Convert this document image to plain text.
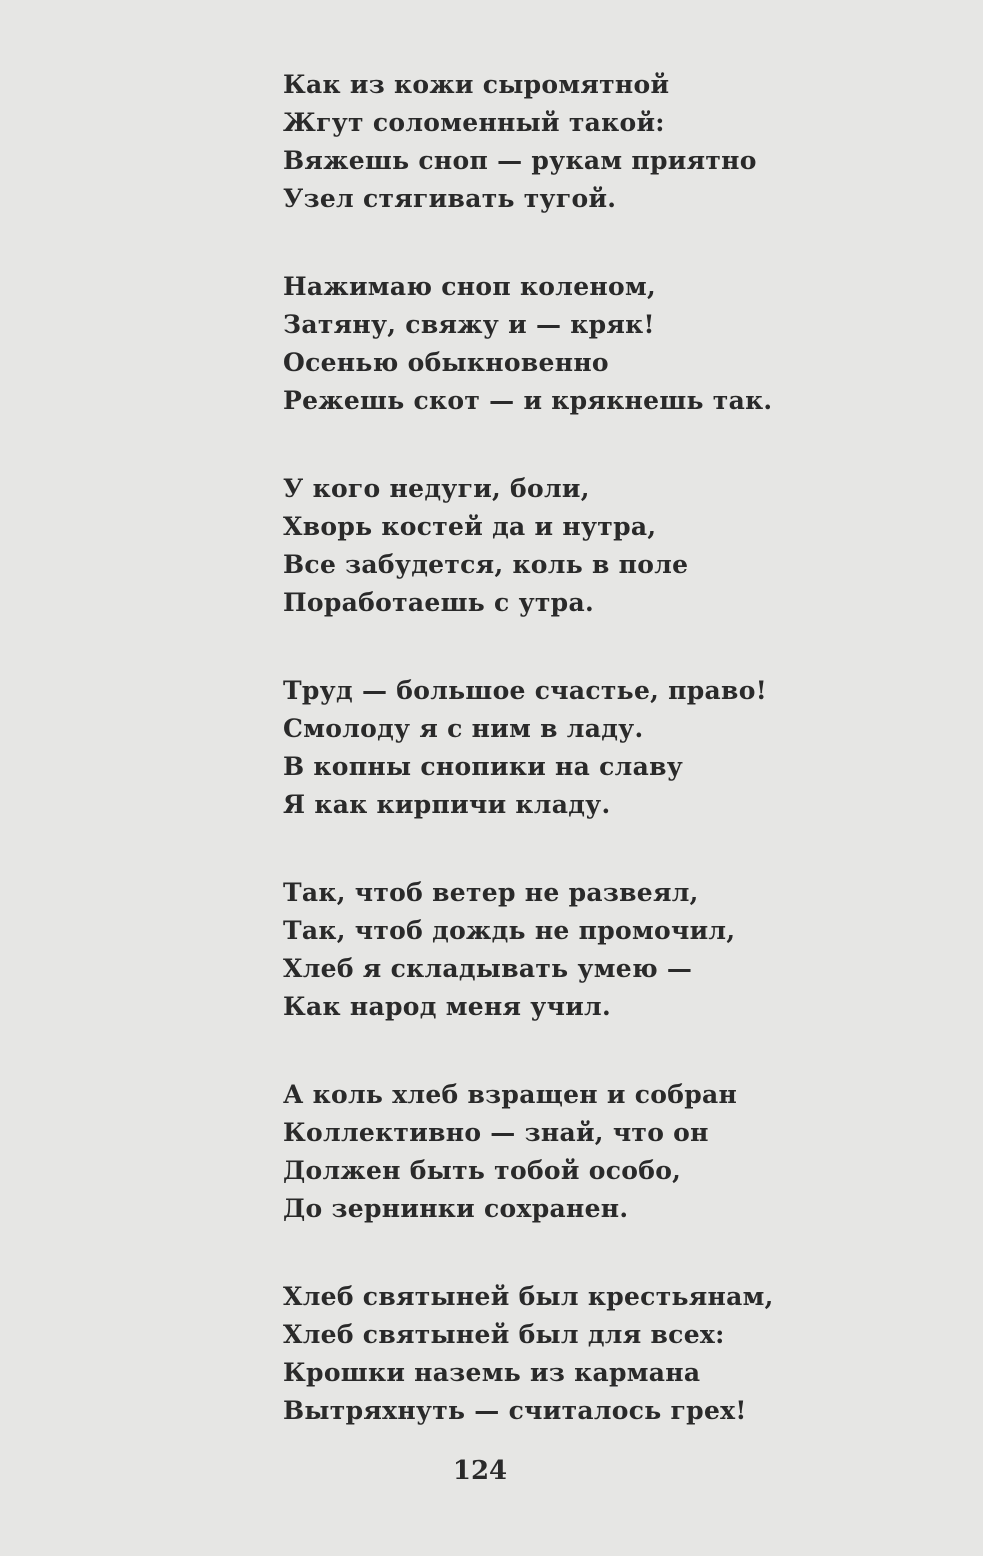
Как из кожи сыромятной
Жгут соломенный такой:
Вяжешь сноп — рукам приятно
Узел стягивать тугой.
Нажимаю сноп коленом,
Затяну, свяжу и — кряк!
Осенью обыкновенно
Режешь скот — и крякнешь так.
У кого недуги, боли,
Хворь костей да и нутра,
Все забудется, коль в поле
Поработаешь с утра.
Труд — большое счастье, право!
Смолоду я с ним в ладу.
В копны снопики на славу
Я как кирпичи кладу.
Так, чтоб ветер не развеял,
Так, чтоб дождь не промочил,
Хлеб я складывать умею —
Как народ меня учил.
А коль хлеб взращен и собран
Коллективно — знай, что он
Должен быть тобой особо,
До зернинки сохранен.
Хлеб святыней был крестьянам,
Хлеб святыней был для всех:
Крошки наземь из кармана
Вытряхнуть — считалось грех!
124
